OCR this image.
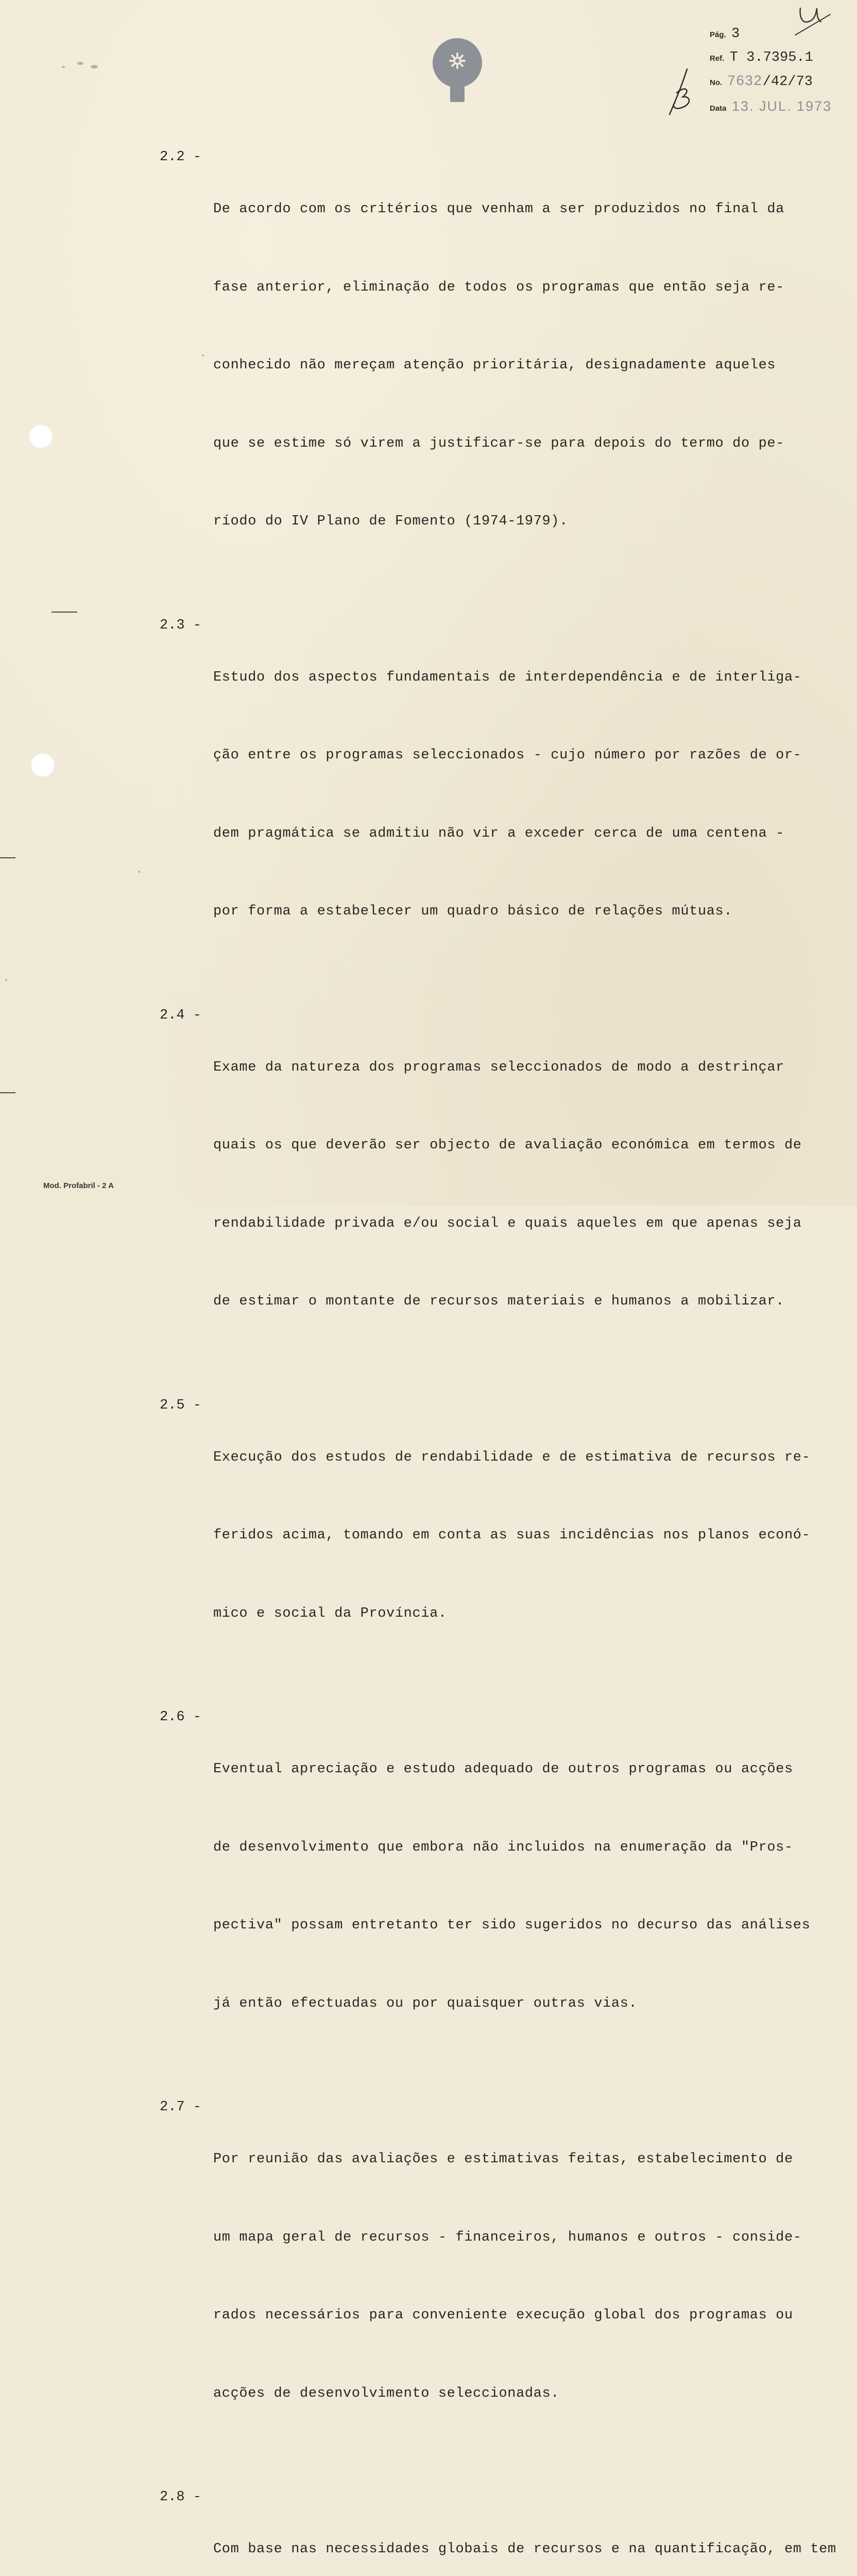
Pág. 3
Ref. T 3.7395.1
No. 7632/42/73
Data 13. JUL. 1973
2.2 -

De acordo com os critérios que venham a ser produzidos no final da

fase anterior, eliminação de todos os programas que então seja re-

conhecido não mereçam atenção prioritária, designadamente aqueles

que se estime só virem a justificar-se para depois do termo do pe-

ríodo do IV Plano de Fomento (1974-1979).

2.3 -

Estudo dos aspectos fundamentais de interdependência e de interliga-

ção entre os programas seleccionados - cujo número por razões de or-

dem pragmática se admitiu não vir a exceder cerca de uma centena -

por forma a estabelecer um quadro básico de relações mútuas.

2.4 -

Exame da natureza dos programas seleccionados de modo a destrinçar

quais os que deverão ser objecto de avaliação económica em termos de

rendabilidade privada e/ou social e quais aqueles em que apenas seja

de estimar o montante de recursos materiais e humanos a mobilizar.

2.5 -

Execução dos estudos de rendabilidade e de estimativa de recursos re-

feridos acima, tomando em conta as suas incidências nos planos econó-

mico e social da Província.

2.6 -

Eventual apreciação e estudo adequado de outros programas ou acções

de desenvolvimento que embora não incluidos na enumeração da "Pros-

pectiva" possam entretanto ter sido sugeridos no decurso das análises

já então efectuadas ou por quaisquer outras vias.

2.7 -

Por reunião das avaliações e estimativas feitas, estabelecimento de

um mapa geral de recursos - financeiros, humanos e outros - conside-

rados necessários para conveniente execução global dos programas ou

acções de desenvolvimento seleccionadas.

2.8 -

Com base nas necessidades globais de recursos e na quantificação, em tem

Mod. Profabril - 2 A
